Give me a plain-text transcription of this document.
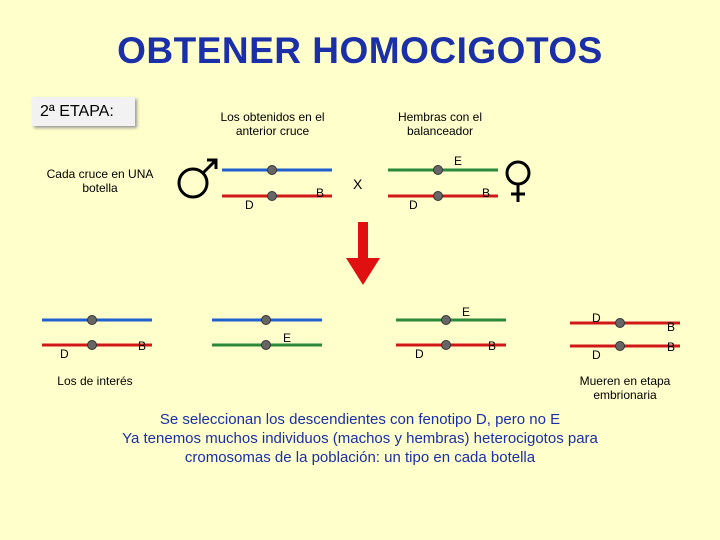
OBTENER HOMOCIGOTOS
2ª ETAPA:	Los obtenidos en el anterior cruce
Hembras con el balanceador
Cada cruce en UNA botella
Los de interés	Mueren en etapa embrionaria
D
B
X
E
D
B
D
B
E
E
D
B
D
B
D
B
Se seleccionan los descendientes con fenotipo D, pero no E
Ya tenemos muchos individuos (machos y hembras) heterocigotos para
cromosomas de la población: un tipo en cada botella
